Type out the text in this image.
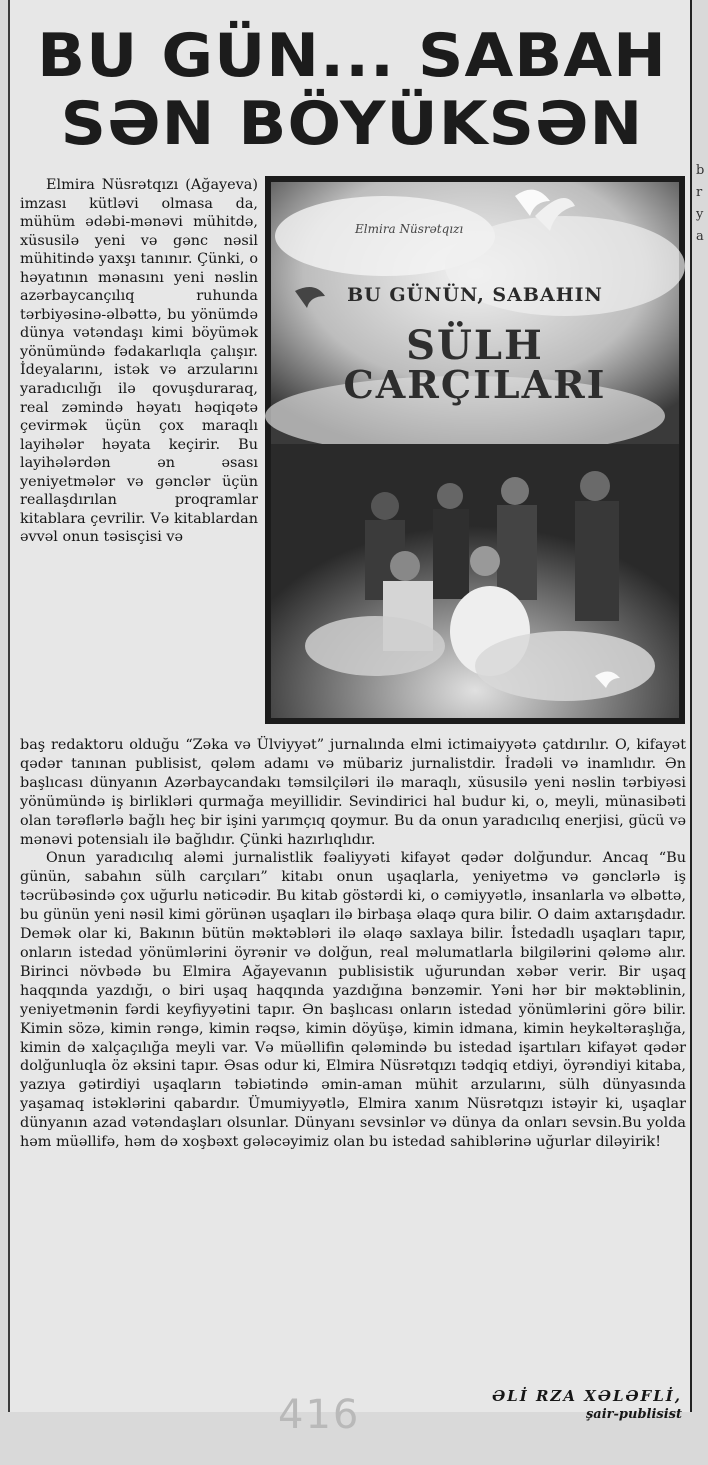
BU GÜN... SABAH
SƏN BÖYÜKSƏN

Elmira Nüsrətqızı (Ağayeva) imzası kütləvi olmasa da, mühüm ədəbi-mənəvi mühitdə, xüsusilə yeni və gənc nəsil mühitində yaxşı tanınır. Çünki, o həyatının mənasını yeni nəslin azərbaycançılıq ruhunda tərbiyəsinə-əlbəttə, bu yönümdə dünya vətəndaşı kimi böyümək yönümündə fədakarlıqla çalışır. İdeyalarını, istək və arzularını yaradıcılığı ilə qovuşduraraq, real zəmində həyatı həqiqətə çevirmək üçün çox maraqlı layihələr həyata keçirir. Bu layihələrdən ən əsası yeniyetmələr və gənclər üçün reallaşdırılan proqramlar kitablara çevrilir. Və kitablardan əvvəl onun təsisçisi və

Elmira Nüsrətqızı
BU GÜNÜN, SABAHIN
SÜLH
CARÇILARI

baş redaktoru olduğu “Zəka və Ülviyyət” jurnalında elmi ictimaiyyətə çatdırılır. O, kifayət qədər tanınan publisist, qələm adamı və mübariz jurnalistdir. İradəli və inamlıdır. Ən başlıcası dünyanın Azərbaycandakı təmsilçiləri ilə maraqlı, xüsusilə yeni nəslin tərbiyəsi yönümündə iş birlikləri qurmağa meyillidir. Sevindirici hal budur ki, o, meyli, münasibəti olan tərəflərlə bağlı heç bir işini yarımçıq qoymur. Bu da onun yaradıcılıq enerjisi, gücü və mənəvi potensialı ilə bağlıdır. Çünki hazırlıqlıdır.

Onun yaradıcılıq aləmi jurnalistlik fəaliyyəti kifayət qədər dolğundur. Ancaq “Bu günün, sabahın sülh carçıları” kitabı onun uşaqlarla, yeniyetmə və gənclərlə iş təcrübəsində çox uğurlu nəticədir. Bu kitab göstərdi ki, o cəmiyyətlə, insanlarla və əlbəttə, bu günün yeni nəsil kimi görünən uşaqları ilə birbaşa əlaqə qura bilir. O daim axtarışdadır. Demək olar ki, Bakının bütün məktəbləri ilə əlaqə saxlaya bilir. İstedadlı uşaqları tapır, onların istedad yönümlərini öyrənir və dolğun, real məlumatlarla bilgilərini qələmə alır. Birinci növbədə bu Elmira Ağayevanın publisistik uğurundan xəbər verir. Bir uşaq haqqında yazdığı, o biri uşaq haqqında yazdığına bənzəmir. Yəni hər bir məktəblinin, yeniyetmənin fərdi keyfiyyətini tapır. Ən başlıcası onların istedad yönümlərini görə bilir. Kimin sözə, kimin rəngə, kimin rəqsə, kimin döyüşə, kimin idmana, kimin heykəltəraşlığa, kimin də xalçaçılığa meyli var. Və müəllifin qələmində bu istedad işartıları kifayət qədər dolğunluqla öz əksini tapır. Əsas odur ki, Elmira Nüsrətqızı tədqiq etdiyi, öyrəndiyi kitaba, yazıya gətirdiyi uşaqların təbiətində əmin-aman mühit arzularını, sülh dünyasında yaşamaq istəklərini qabardır. Ümumiyyətlə, Elmira xanım Nüsrətqızı istəyir ki, uşaqlar dünyanın azad vətəndaşları olsunlar. Dünyanı sevsinlər və dünya da onları sevsin.Bu yolda həm müəllifə, həm də xoşbəxt gələcəyimiz olan bu istedad sahiblərinə uğurlar diləyirik!

416	ƏLİ RZA XƏLƏFLİ,
şair-publisist
b
r
y
a
